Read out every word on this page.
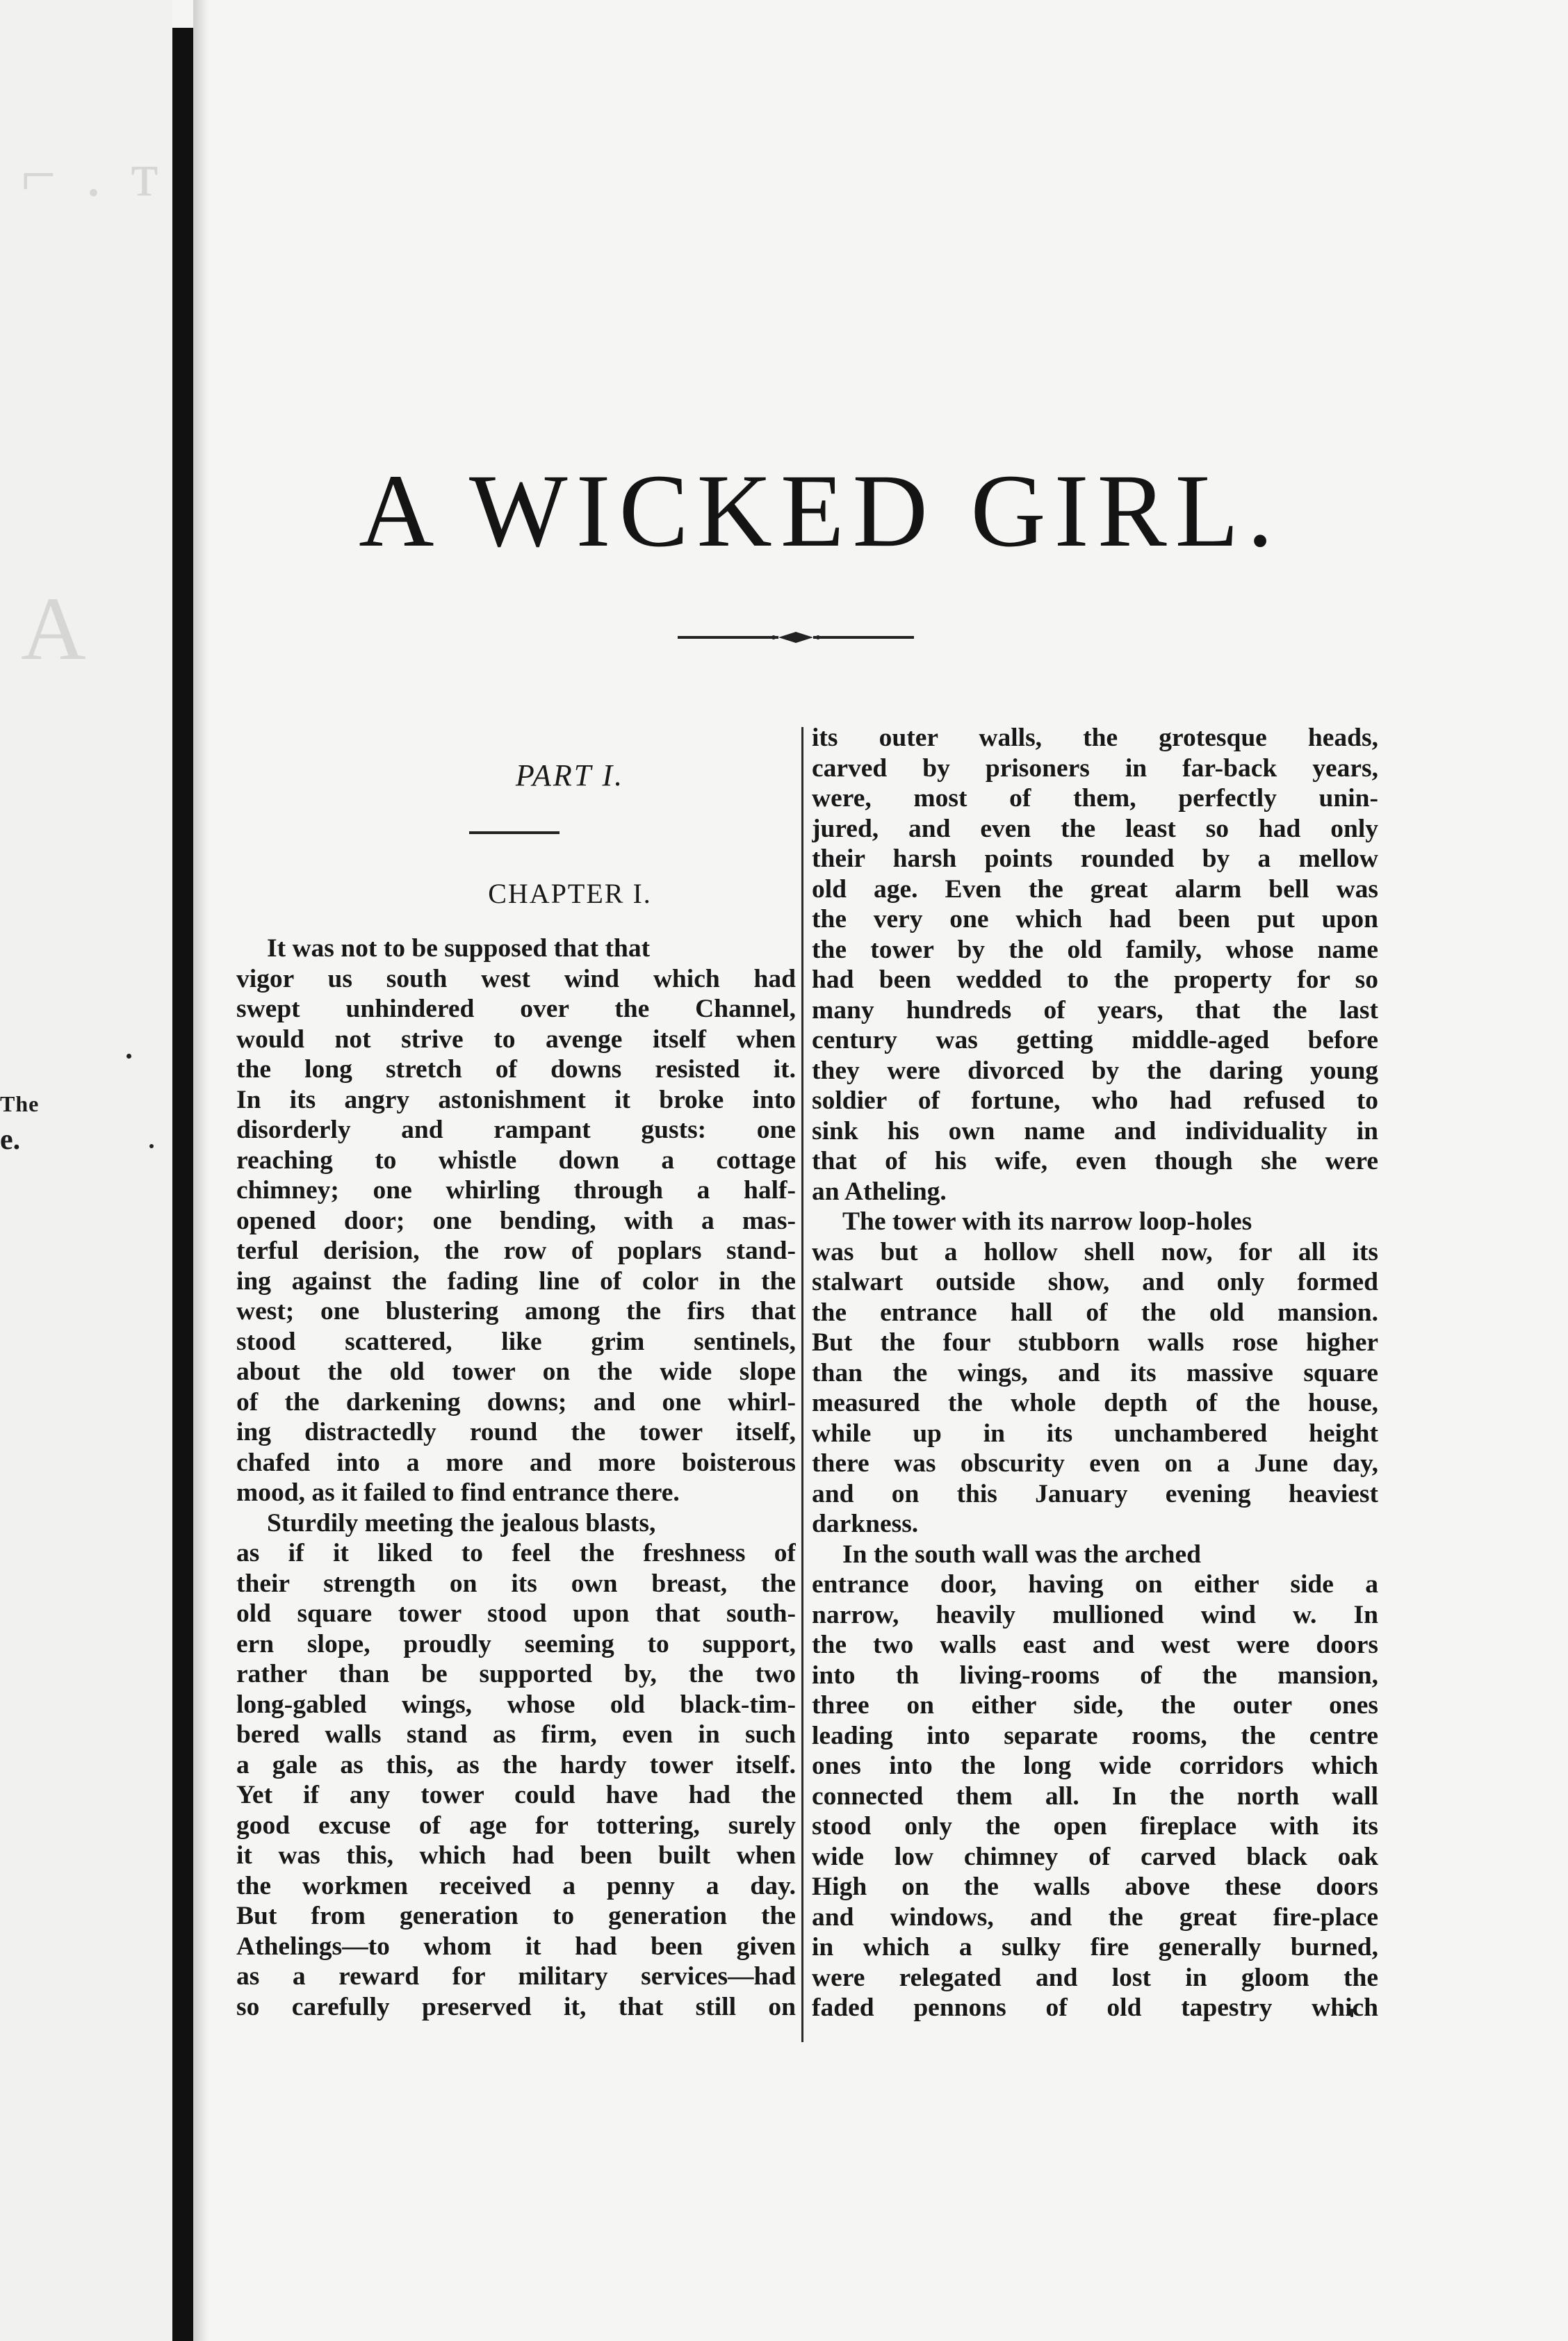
⌐ . ᴛ
A
The
e.
A WICKED GIRL.
PART I.
CHAPTER I.
It was not to be supposed that that
vigor us south west wind which had
swept unhindered over the Channel,
would not strive to avenge itself when
the long stretch of downs resisted it.
In its angry astonishment it broke into
disorderly and rampant gusts: one
reaching to whistle down a cottage
chimney; one whirling through a half-
opened door; one bending, with a mas-
terful derision, the row of poplars stand-
ing against the fading line of color in the
west; one blustering among the firs that
stood scattered, like grim sentinels,
about the old tower on the wide slope
of the darkening downs; and one whirl-
ing distractedly round the tower itself,
chafed into a more and more boisterous
mood, as it failed to find entrance there.
Sturdily meeting the jealous blasts,
as if it liked to feel the freshness of
their strength on its own breast, the
old square tower stood upon that south-
ern slope, proudly seeming to support,
rather than be supported by, the two
long-gabled wings, whose old black-tim-
bered walls stand as firm, even in such
a gale as this, as the hardy tower itself.
Yet if any tower could have had the
good excuse of age for tottering, surely
it was this, which had been built when
the workmen received a penny a day.
But from generation to generation the
Athelings—to whom it had been given
as a reward for military services—had
so carefully preserved it, that still on
its outer walls, the grotesque heads,
carved by prisoners in far-back years,
were, most of them, perfectly unin-
jured, and even the least so had only
their harsh points rounded by a mellow
old age. Even the great alarm bell was
the very one which had been put upon
the tower by the old family, whose name
had been wedded to the property for so
many hundreds of years, that the last
century was getting middle-aged before
they were divorced by the daring young
soldier of fortune, who had refused to
sink his own name and individuality in
that of his wife, even though she were
an Atheling.
The tower with its narrow loop-holes
was but a hollow shell now, for all its
stalwart outside show, and only formed
the entrance hall of the old mansion.
But the four stubborn walls rose higher
than the wings, and its massive square
measured the whole depth of the house,
while up in its unchambered height
there was obscurity even on a June day,
and on this January evening heaviest
darkness.
In the south wall was the arched
entrance door, having on either side a
narrow, heavily mullioned wind w. In
the two walls east and west were doors
into th living-rooms of the mansion,
three on either side, the outer ones
leading into separate rooms, the centre
ones into the long wide corridors which
connected them all. In the north wall
stood only the open fireplace with its
wide low chimney of carved black oak
High on the walls above these doors
and windows, and the great fire-place
in which a sulky fire generally burned,
were relegated and lost in gloom the
faded pennons of old tapestry which
